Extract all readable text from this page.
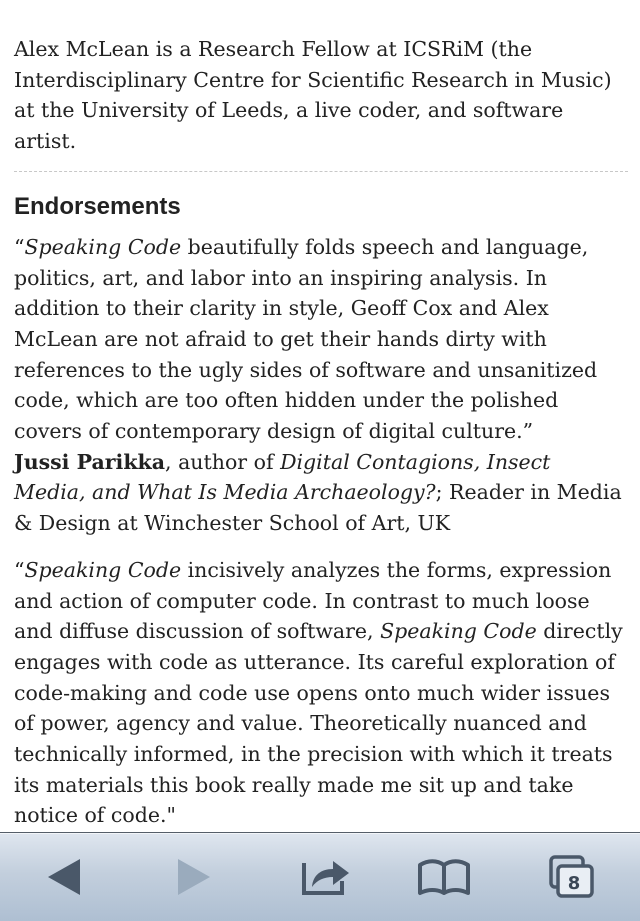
Alex McLean is a Research Fellow at ICSRiM (the Interdisciplinary Centre for Scientific Research in Music) at the University of Leeds, a live coder, and software artist.

Endorsements

“Speaking Code beautifully folds speech and language, politics, art, and labor into an inspiring analysis. In addition to their clarity in style, Geoff Cox and Alex McLean are not afraid to get their hands dirty with references to the ugly sides of software and unsanitized code, which are too often hidden under the polished covers of contemporary design of digital culture.”

Jussi Parikka, author of Digital Contagions, Insect Media, and What Is Media Archaeology?; Reader in Media & Design at Winchester School of Art, UK

“Speaking Code incisively analyzes the forms, expression and action of computer code. In contrast to much loose and diffuse discussion of software, Speaking Code directly engages with code as utterance. Its careful exploration of code-making and code use opens onto much wider issues of power, agency and value. Theoretically nuanced and technically informed, in the precision with which it treats its materials this book really made me sit up and take notice of code."

8
